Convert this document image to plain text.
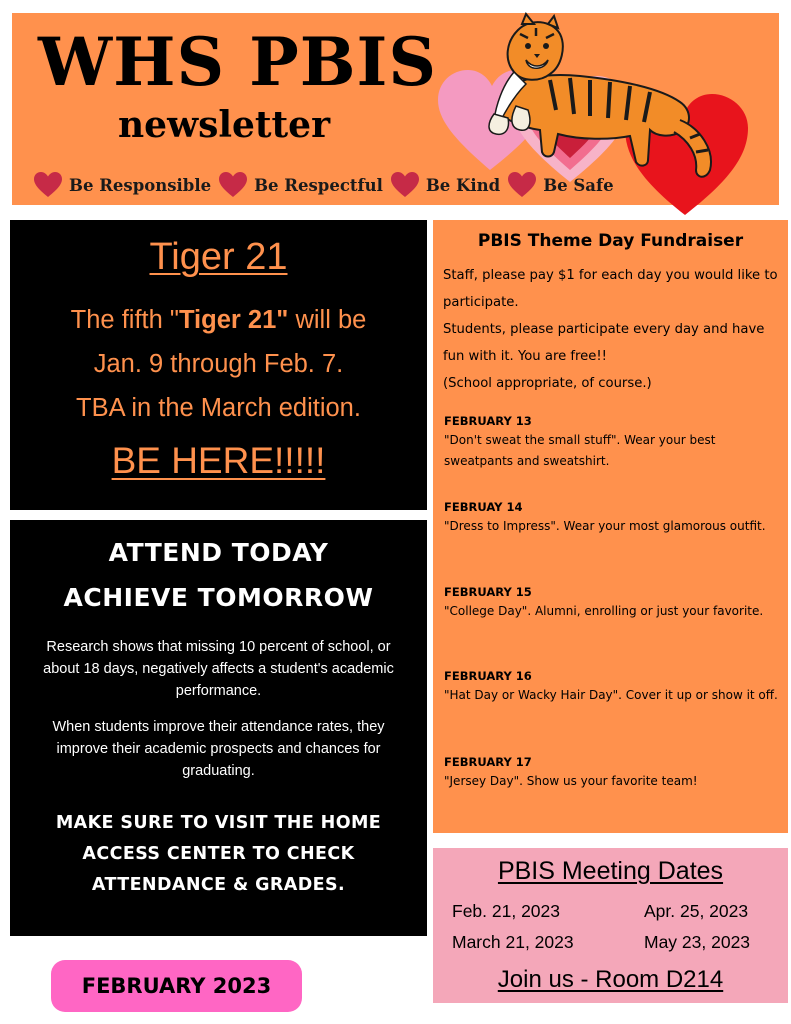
WHS PBIS
newsletter
Be Responsible	Be Respectful	Be Kind	Be Safe
Tiger 21
The fifth "Tiger 21" will be
Jan. 9 through Feb. 7.
TBA in the March edition.
BE HERE!!!!!
ATTEND TODAY
ACHIEVE TOMORROW
Research shows that missing 10 percent of school, or about 18 days, negatively affects a student's academic performance.
When students improve their attendance rates, they improve their academic prospects and chances for graduating.
MAKE SURE TO VISIT THE HOME ACCESS CENTER TO CHECK ATTENDANCE & GRADES.
PBIS Theme Day Fundraiser
Staff, please pay $1 for each day you would like to participate.
Students, please participate every day and have fun with it. You are free!!
(School appropriate, of course.)
FEBRUARY 13
"Don't sweat the small stuff". Wear your best sweatpants and sweatshirt.
FEBRUAY 14
"Dress to Impress". Wear your most glamorous outfit.
FEBRUARY 15
"College Day". Alumni, enrolling or just your favorite.
FEBRUARY 16
"Hat Day or Wacky Hair Day". Cover it up or show it off.
FEBRUARY 17
"Jersey Day". Show us your favorite team!
PBIS Meeting Dates
Feb. 21, 2023	Apr. 25, 2023
March 21, 2023	May 23, 2023
Join us - Room D214
FEBRUARY 2023
